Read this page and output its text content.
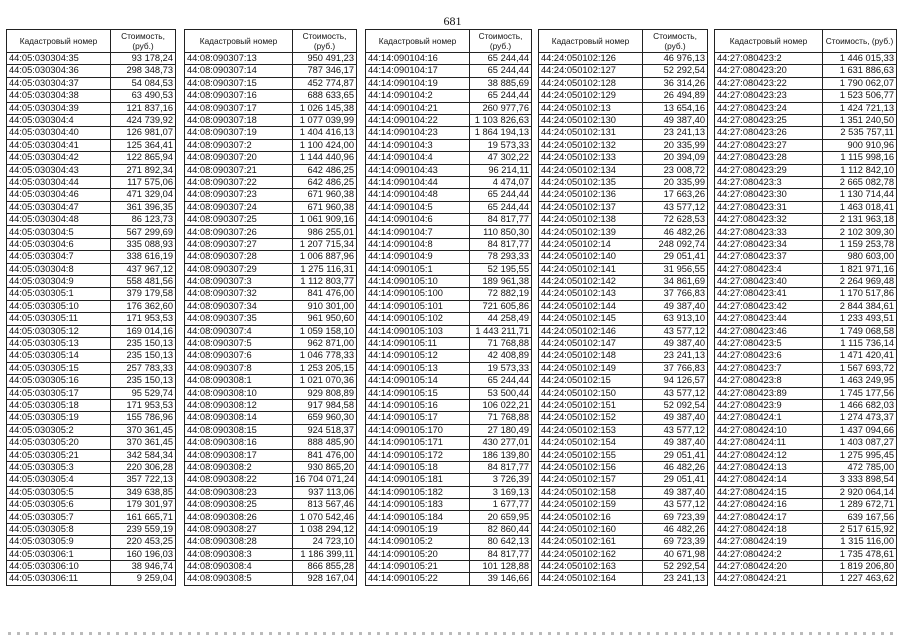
681
Кадастровый номер	Стоимость, (руб.)
44:05:030304:35	93 178,24
44:05:030304:36	298 348,73
44:05:030304:37	54 084,53
44:05:030304:38	63 490,53
44:05:030304:39	121 837,16
44:05:030304:4	424 739,92
44:05:030304:40	126 981,07
44:05:030304:41	125 364,41
44:05:030304:42	122 865,94
44:05:030304:43	271 892,34
44:05:030304:44	117 575,06
44:05:030304:46	471 329,04
44:05:030304:47	361 396,35
44:05:030304:48	86 123,73
44:05:030304:5	567 299,69
44:05:030304:6	335 088,93
44:05:030304:7	338 616,19
44:05:030304:8	437 967,12
44:05:030304:9	558 481,56
44:05:030305:1	379 179,58
44:05:030305:10	176 362,60
44:05:030305:11	171 953,53
44:05:030305:12	169 014,16
44:05:030305:13	235 150,13
44:05:030305:14	235 150,13
44:05:030305:15	257 783,33
44:05:030305:16	235 150,13
44:05:030305:17	95 529,74
44:05:030305:18	171 953,53
44:05:030305:19	155 786,96
44:05:030305:2	370 361,45
44:05:030305:20	370 361,45
44:05:030305:21	342 584,34
44:05:030305:3	220 306,28
44:05:030305:4	357 722,13
44:05:030305:5	349 638,85
44:05:030305:6	179 301,97
44:05:030305:7	161 665,71
44:05:030305:8	239 559,19
44:05:030305:9	220 453,25
44:05:030306:1	160 196,03
44:05:030306:10	38 946,74
44:05:030306:11	9 259,04
Кадастровый номер	Стоимость, (руб.)
44:08:090307:13	950 491,23
44:08:090307:14	787 346,17
44:08:090307:15	452 774,87
44:08:090307:16	688 633,65
44:08:090307:17	1 026 145,38
44:08:090307:18	1 077 039,99
44:08:090307:19	1 404 416,13
44:08:090307:2	1 100 424,00
44:08:090307:20	1 144 440,96
44:08:090307:21	642 486,25
44:08:090307:22	642 486,25
44:08:090307:23	671 960,38
44:08:090307:24	671 960,38
44:08:090307:25	1 061 909,16
44:08:090307:26	986 255,01
44:08:090307:27	1 207 715,34
44:08:090307:28	1 006 887,96
44:08:090307:29	1 275 116,31
44:08:090307:3	1 112 803,77
44:08:090307:32	841 476,00
44:08:090307:34	910 301,00
44:08:090307:35	961 950,60
44:08:090307:4	1 059 158,10
44:08:090307:5	962 871,00
44:08:090307:6	1 046 778,33
44:08:090307:8	1 253 205,15
44:08:090308:1	1 021 070,36
44:08:090308:10	929 808,89
44:08:090308:12	917 984,58
44:08:090308:14	659 960,30
44:08:090308:15	924 518,37
44:08:090308:16	888 485,90
44:08:090308:17	841 476,00
44:08:090308:2	930 865,20
44:08:090308:22	16 704 071,24
44:08:090308:23	937 113,06
44:08:090308:25	813 567,46
44:08:090308:26	1 070 542,46
44:08:090308:27	1 038 294,12
44:08:090308:28	24 723,10
44:08:090308:3	1 186 399,11
44:08:090308:4	866 855,28
44:08:090308:5	928 167,04
Кадастровый номер	Стоимость, (руб.)
44:14:090104:16	65 244,44
44:14:090104:17	65 244,44
44:14:090104:19	38 885,69
44:14:090104:2	65 244,44
44:14:090104:21	260 977,76
44:14:090104:22	1 103 826,63
44:14:090104:23	1 864 194,13
44:14:090104:3	19 573,33
44:14:090104:4	47 302,22
44:14:090104:43	96 214,11
44:14:090104:44	4 474,07
44:14:090104:48	65 244,44
44:14:090104:5	65 244,44
44:14:090104:6	84 817,77
44:14:090104:7	110 850,30
44:14:090104:8	84 817,77
44:14:090104:9	78 293,33
44:14:090105:1	52 195,55
44:14:090105:10	189 961,38
44:14:090105:100	72 882,19
44:14:090105:101	721 605,86
44:14:090105:102	44 258,49
44:14:090105:103	1 443 211,71
44:14:090105:11	71 768,88
44:14:090105:12	42 408,89
44:14:090105:13	19 573,33
44:14:090105:14	65 244,44
44:14:090105:15	53 500,44
44:14:090105:16	106 022,21
44:14:090105:17	71 768,88
44:14:090105:170	27 180,49
44:14:090105:171	430 277,01
44:14:090105:172	186 139,80
44:14:090105:18	84 817,77
44:14:090105:181	3 726,39
44:14:090105:182	3 169,13
44:14:090105:183	1 677,77
44:14:090105:184	20 659,95
44:14:090105:19	82 860,44
44:14:090105:2	80 642,13
44:14:090105:20	84 817,77
44:14:090105:21	101 128,88
44:14:090105:22	39 146,66
Кадастровый номер	Стоимость, (руб.)
44:24:050102:126	46 976,13
44:24:050102:127	52 292,54
44:24:050102:128	36 314,26
44:24:050102:129	26 494,89
44:24:050102:13	13 654,16
44:24:050102:130	49 387,40
44:24:050102:131	23 241,13
44:24:050102:132	20 335,99
44:24:050102:133	20 394,09
44:24:050102:134	23 008,72
44:24:050102:135	20 335,99
44:24:050102:136	17 663,26
44:24:050102:137	43 577,12
44:24:050102:138	72 628,53
44:24:050102:139	46 482,26
44:24:050102:14	248 092,74
44:24:050102:140	29 051,41
44:24:050102:141	31 956,55
44:24:050102:142	34 861,69
44:24:050102:143	37 766,83
44:24:050102:144	49 387,40
44:24:050102:145	63 913,10
44:24:050102:146	43 577,12
44:24:050102:147	49 387,40
44:24:050102:148	23 241,13
44:24:050102:149	37 766,83
44:24:050102:15	94 126,57
44:24:050102:150	43 577,12
44:24:050102:151	52 092,54
44:24:050102:152	49 387,40
44:24:050102:153	43 577,12
44:24:050102:154	49 387,40
44:24:050102:155	29 051,41
44:24:050102:156	46 482,26
44:24:050102:157	29 051,41
44:24:050102:158	49 387,40
44:24:050102:159	43 577,12
44:24:050102:16	69 723,39
44:24:050102:160	46 482,26
44:24:050102:161	69 723,39
44:24:050102:162	40 671,98
44:24:050102:163	52 292,54
44:24:050102:164	23 241,13
Кадастровый номер	Стоимость, (руб.)
44:27:080423:2	1 446 015,33
44:27:080423:20	1 631 886,63
44:27:080423:22	1 790 062,07
44:27:080423:23	1 523 506,77
44:27:080423:24	1 424 721,13
44:27:080423:25	1 351 240,50
44:27:080423:26	2 535 757,11
44:27:080423:27	900 910,96
44:27:080423:28	1 115 998,16
44:27:080423:29	1 112 842,10
44:27:080423:3	2 665 082,78
44:27:080423:30	1 130 714,44
44:27:080423:31	1 463 018,41
44:27:080423:32	2 131 963,18
44:27:080423:33	2 102 309,30
44:27:080423:34	1 159 253,78
44:27:080423:37	980 603,00
44:27:080423:4	1 821 971,16
44:27:080423:40	2 264 969,48
44:27:080423:41	1 170 517,86
44:27:080423:42	2 844 384,61
44:27:080423:44	1 233 493,51
44:27:080423:46	1 749 068,58
44:27:080423:5	1 115 736,14
44:27:080423:6	1 471 420,41
44:27:080423:7	1 567 693,72
44:27:080423:8	1 463 249,95
44:27:080423:89	1 745 177,56
44:27:080423:9	1 466 682,03
44:27:080424:1	1 274 473,37
44:27:080424:10	1 437 094,66
44:27:080424:11	1 403 087,27
44:27:080424:12	1 275 995,45
44:27:080424:13	472 785,00
44:27:080424:14	3 333 898,54
44:27:080424:15	2 920 064,14
44:27:080424:16	1 289 672,71
44:27:080424:17	639 167,56
44:27:080424:18	2 517 615,92
44:27:080424:19	1 315 116,00
44:27:080424:2	1 735 478,61
44:27:080424:20	1 819 206,80
44:27:080424:21	1 227 463,62
